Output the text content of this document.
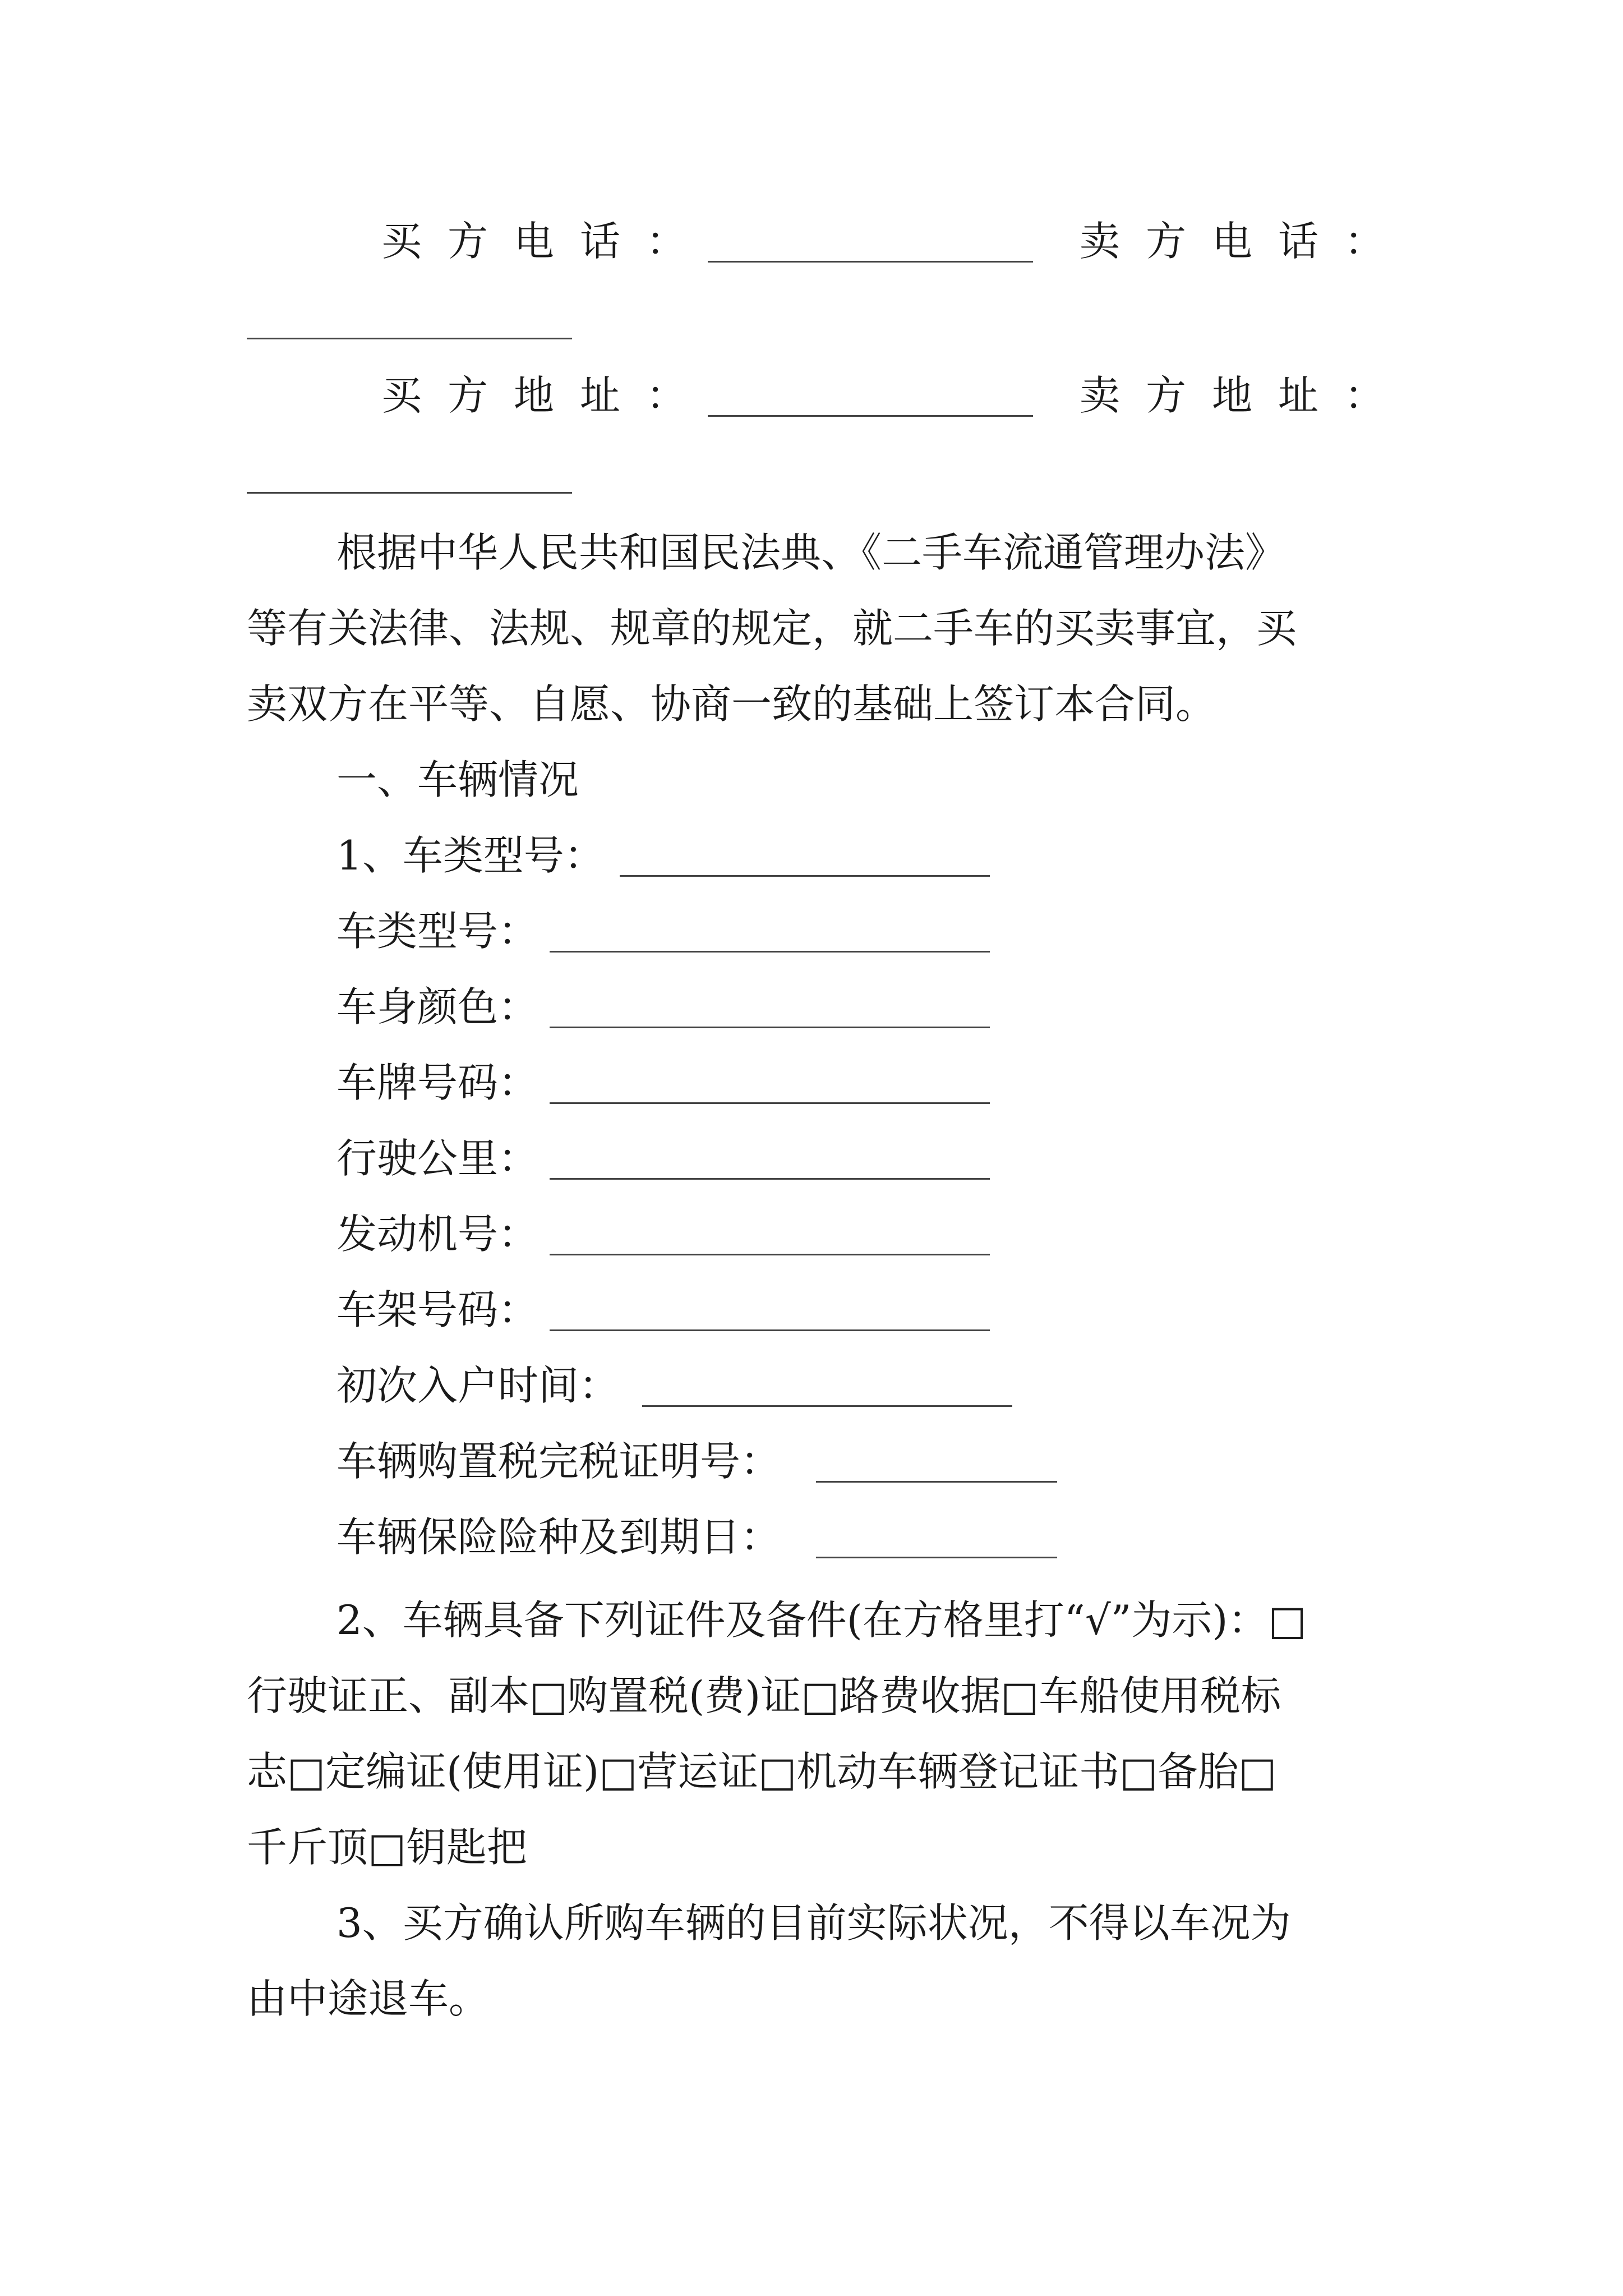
买方电话：	卖方电话：
买方地址：	卖方地址：
根据中华人民共和国民法典、《二手车流通管理办法》
等有关法律、法规、规章的规定，就二手车的买卖事宜，买
卖双方在平等、自愿、协商一致的基础上签订本合同。
一、车辆情况
1、车类型号：
车类型号：
车身颜色：
车牌号码：
行驶公里：
发动机号：
车架号码：
初次入户时间：
车辆购置税完税证明号：
车辆保险险种及到期日：
2、车辆具备下列证件及备件(在方格里打“√”为示)：□
行驶证正、副本□购置税(费)证□路费收据□车船使用税标
志□定编证(使用证)□营运证□机动车辆登记证书□备胎□
千斤顶□钥匙把
3、买方确认所购车辆的目前实际状况，不得以车况为
由中途退车。
